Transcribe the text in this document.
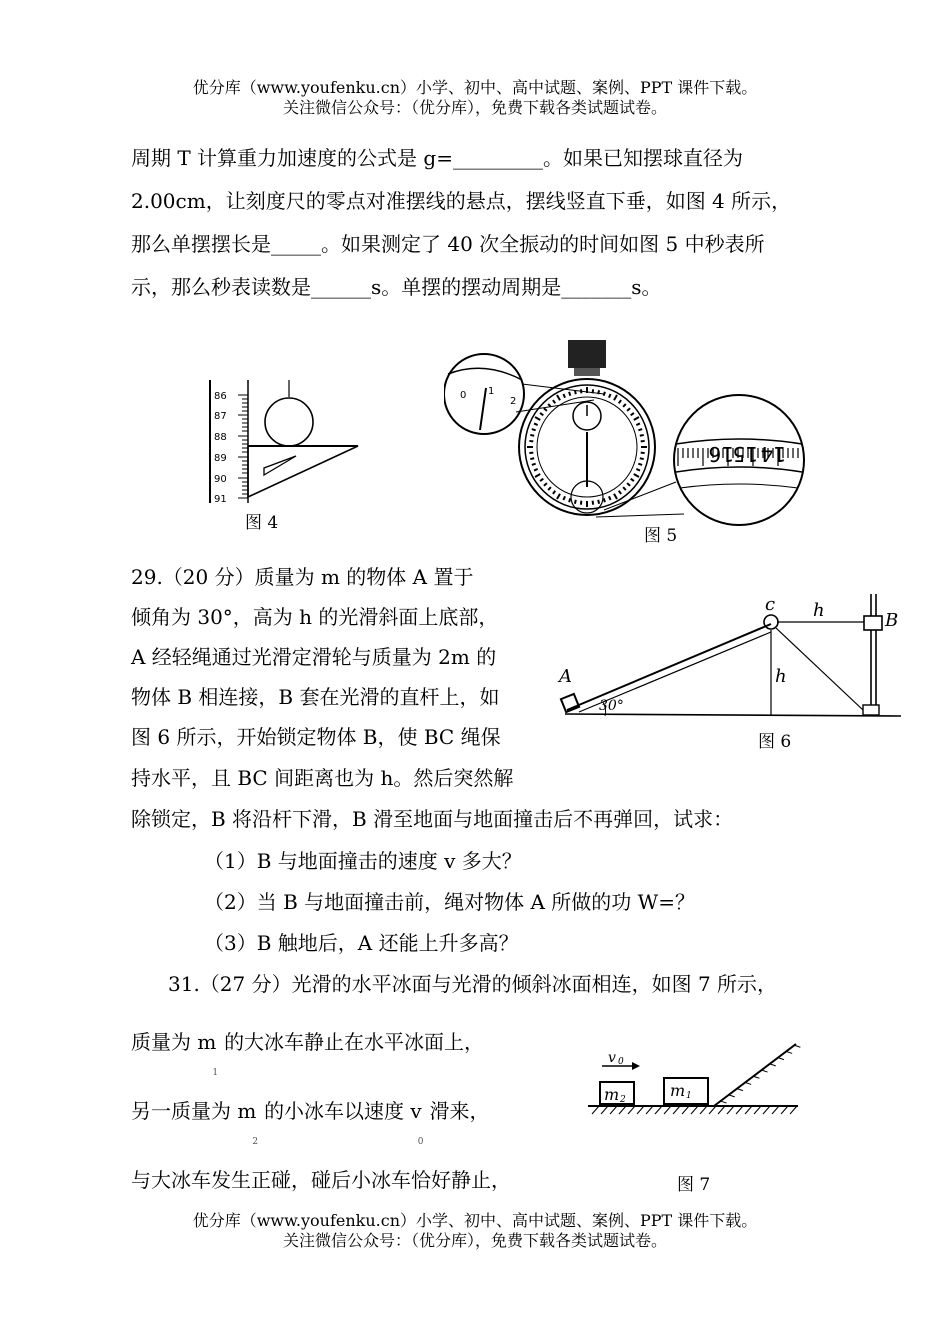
优分库（www.youfenku.cn）小学、初中、高中试题、案例、PPT 课件下载。
关注微信公众号：（优分库），免费下载各类试题试卷。
周期 T 计算重力加速度的公式是 g=_________。如果已知摆球直径为
2.00cm，让刻度尺的零点对准摆线的悬点，摆线竖直下垂，如图 4 所示，
那么单摆摆长是_____。如果测定了 40 次全振动的时间如图 5 中秒表所
示，那么秒表读数是______s。单摆的摆动周期是_______s。
86
87
88
89
90
91
图 4
0 1
2
16
15 14
图 5
29.（20 分）质量为 m 的物体 A 置于
倾角为 30°，高为 h 的光滑斜面上底部，
A 经轻绳通过光滑定滑轮与质量为 2m 的
物体 B 相连接，B 套在光滑的直杆上，如
图 6 所示，开始锁定物体 B，使 BC 绳保
持水平，且 BC 间距离也为 h。然后突然解
除锁定，B 将沿杆下滑，B 滑至地面与地面撞击后不再弹回，试求：
（1）B 与地面撞击的速度 v 多大？
（2）当 B 与地面撞击前，绳对物体 A 所做的功 W=？
（3）B 触地后，A 还能上升多高？
c h
h
B
A
30°
图 6
31.（27 分）光滑的水平冰面与光滑的倾斜冰面相连，如图 7 所示，
质量为 $m_1$的大冰车静止在水平冰面上，
另一质量为 $m_2$的小冰车以速度 $v_0$滑来，
与大冰车发生正碰，碰后小冰车恰好静止，
v 0
m 2	m 1
图 7
优分库（www.youfenku.cn）小学、初中、高中试题、案例、PPT 课件下载。
关注微信公众号：（优分库），免费下载各类试题试卷。
